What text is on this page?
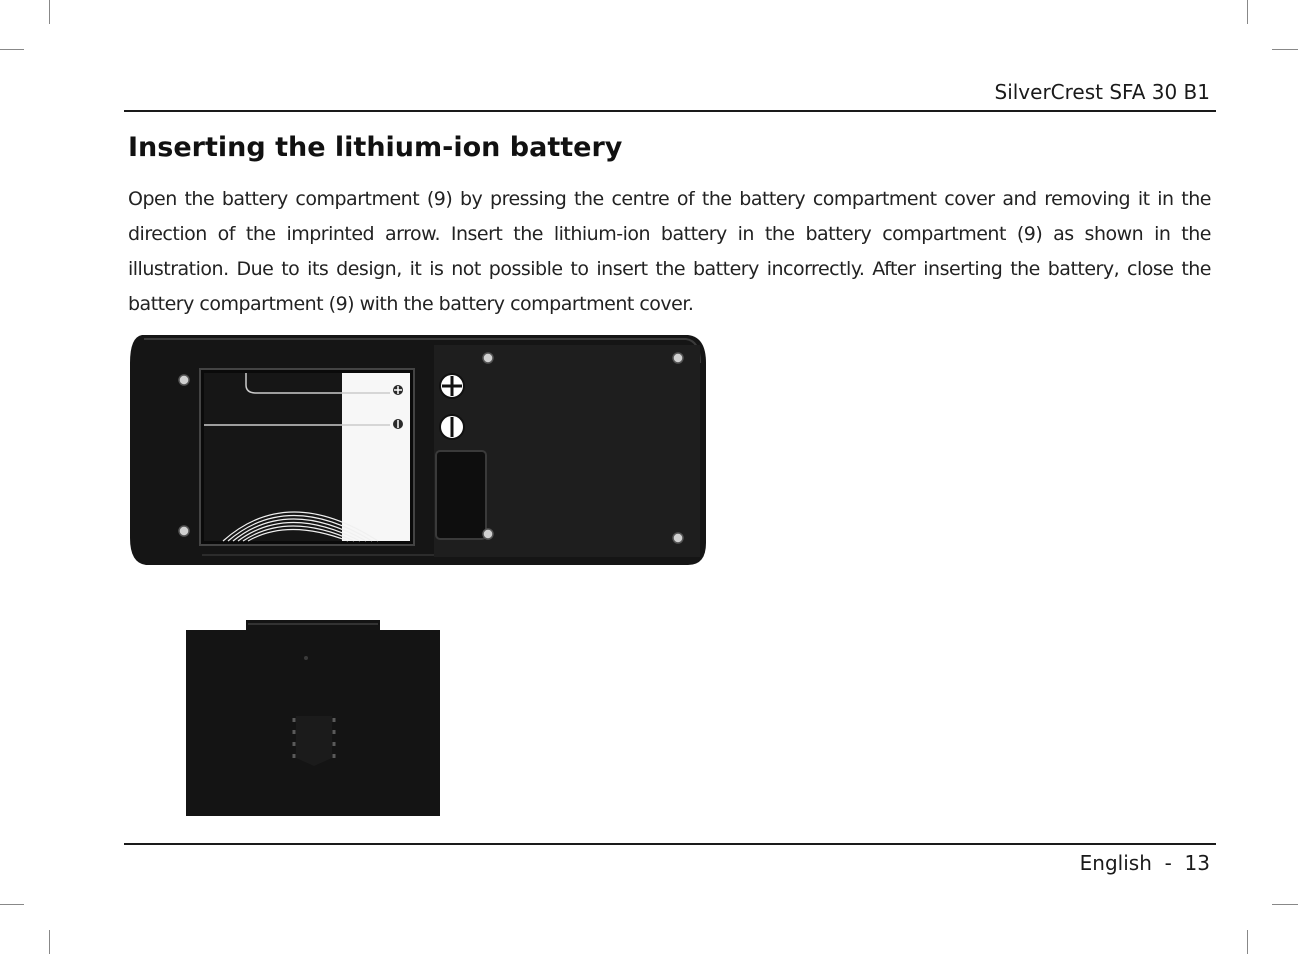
SilverCrest SFA 30 B1
Inserting the lithium-ion battery

Open the battery compartment (9) by pressing the centre of the battery compartment cover and removing it in the direction of the imprinted arrow. Insert the lithium-ion battery in the battery compartment (9) as shown in the illustration. Due to its design, it is not possible to insert the battery incorrectly. After inserting the battery, close the battery compartment (9) with the battery compartment cover.

English  -  13
